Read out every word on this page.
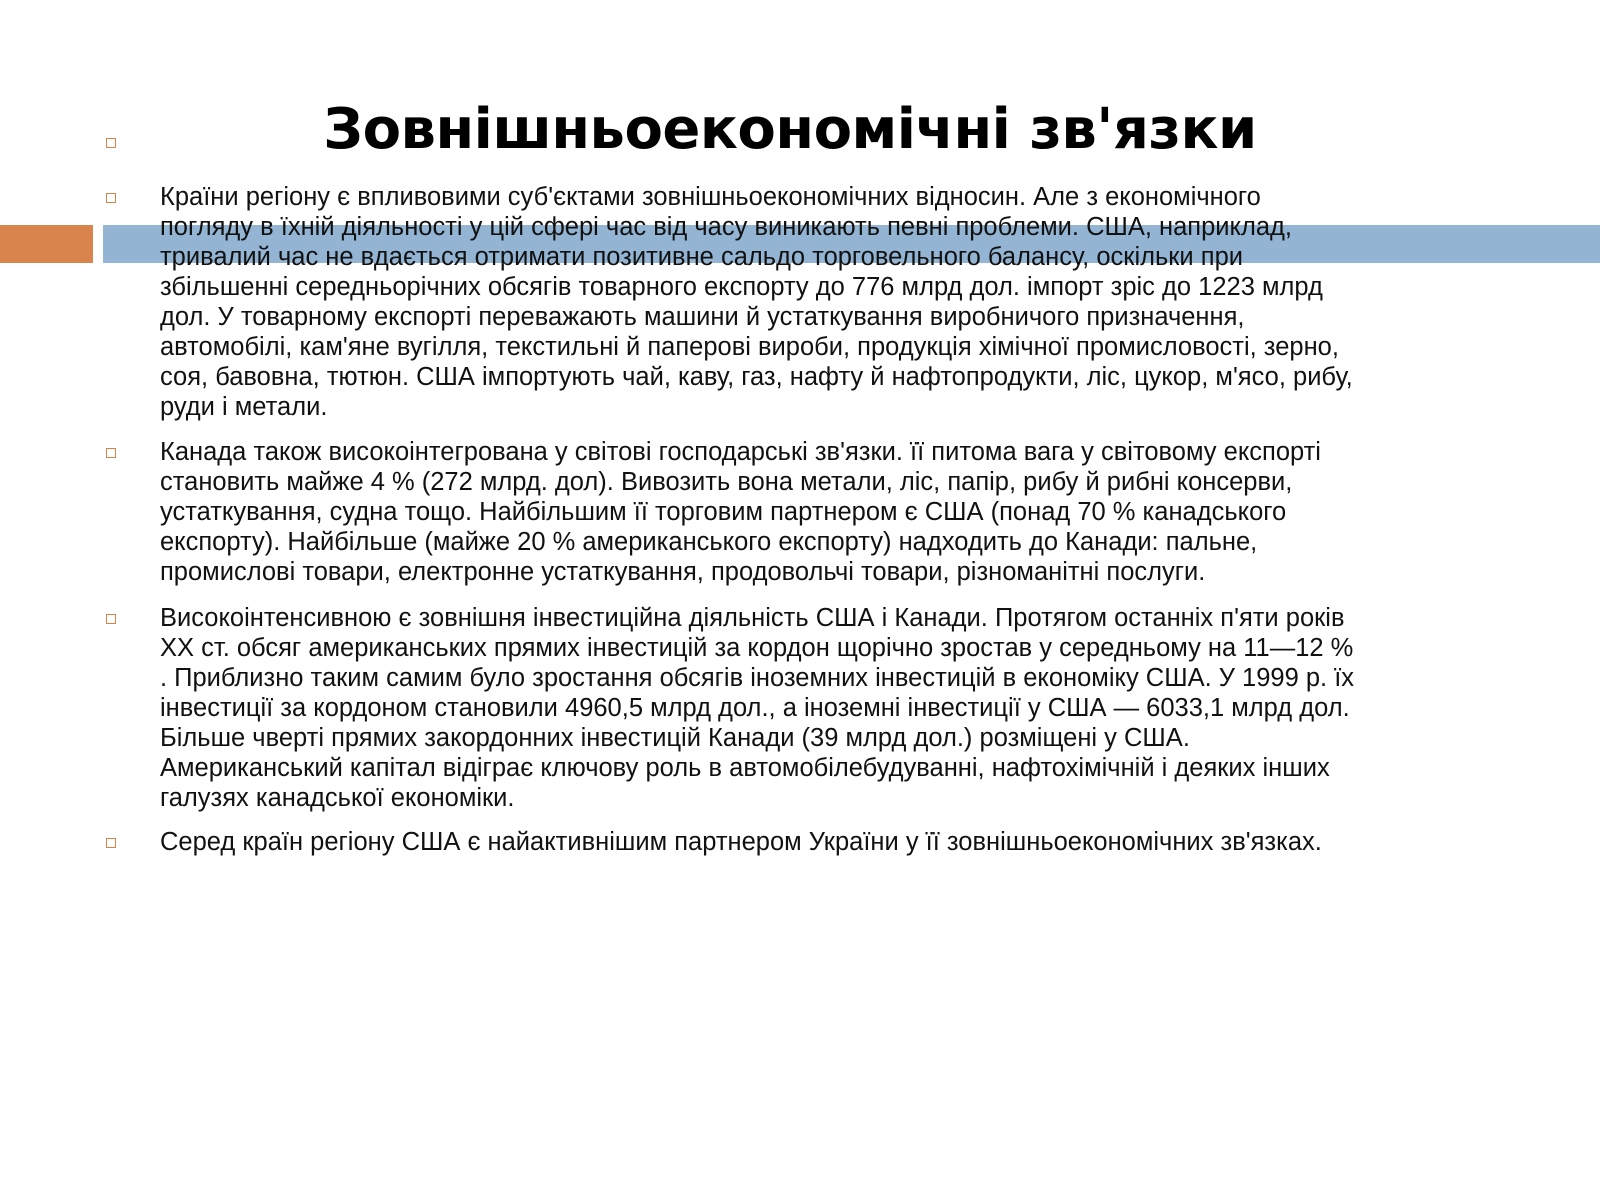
Зовнішньоекономічні зв'язки
Країни регіону є впливовими суб'єктами зовнішньоекономічних відносин. Але з економічного
погляду в їхній діяльності у цій сфері час від часу виникають певні проблеми. США, наприклад,
тривалий час не вдається отримати позитивне сальдо торговельного балансу, оскільки при
збільшенні середньорічних обсягів товарного експорту до 776 млрд дол. імпорт зріс до 1223 млрд
дол. У товарному експорті переважають машини й устаткування виробничого призначення,
автомобілі, кам'яне вугілля, текстильні й паперові вироби, продукція хімічної промисловості, зерно,
соя, бавовна, тютюн. США імпортують чай, каву, газ, нафту й нафтопродукти, ліс, цукор, м'ясо, рибу,
руди і метали.
Канада також високоінтегрована у світові господарські зв'язки. її питома вага у світовому експорті
становить майже 4 % (272 млрд. дол). Вивозить вона метали, ліс, папір, рибу й рибні консерви,
устаткування, судна тощо. Найбільшим її торговим партнером є США (понад 70 % канадського
експорту). Найбільше (майже 20 % американського експорту) надходить до Канади: пальне,
промислові товари, електронне устаткування, продовольчі товари, різноманітні послуги.
Високоінтенсивною є зовнішня інвестиційна діяльність США і Канади. Протягом останніх п'яти років
XX ст. обсяг американських прямих інвестицій за кордон щорічно зростав у середньому на 11—12 %
. Приблизно таким самим було зростання обсягів іноземних інвестицій в економіку США. У 1999 р. їх
інвестиції за кордоном становили 4960,5 млрд дол., а іноземні інвестиції у США — 6033,1 млрд дол.
Більше чверті прямих закордонних інвестицій Канади (39 млрд дол.) розміщені у США.
Американський капітал відіграє ключову роль в автомобілебудуванні, нафтохімічній і деяких інших
галузях канадської економіки.
Серед країн регіону США є найактивнішим партнером України у її зовнішньоекономічних зв'язках.
